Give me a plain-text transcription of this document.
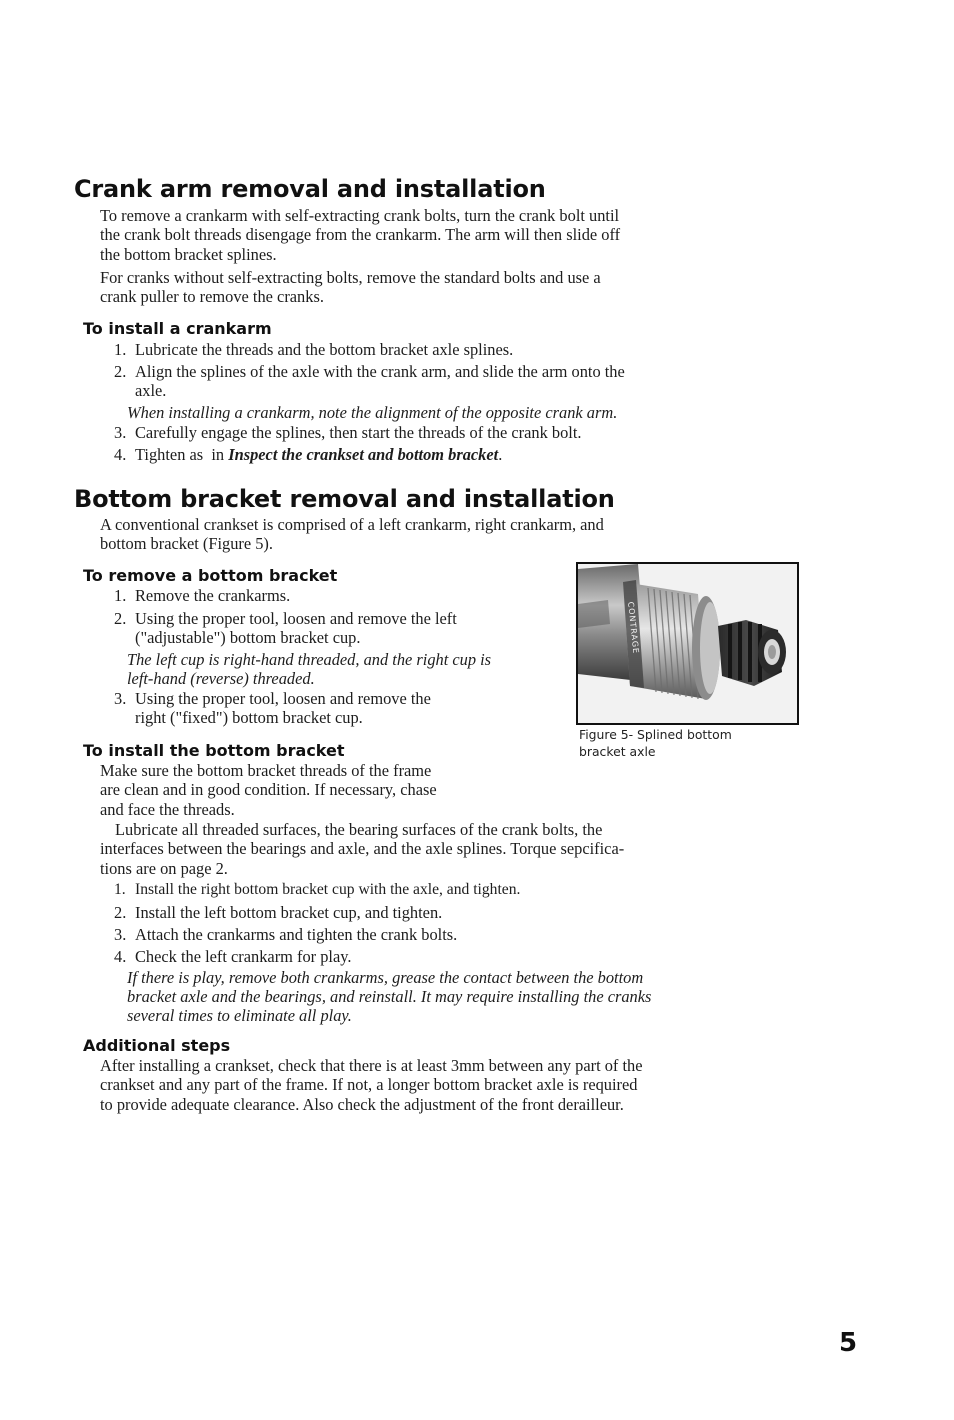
Crank arm removal and installation

To remove a crankarm with self-extracting crank bolts, turn the crank bolt until
the crank bolt threads disengage from the crankarm. The arm will then slide off
the bottom bracket splines.

For cranks without self-extracting bolts, remove the standard bolts and use a
crank puller to remove the cranks.

To install a crankarm

1. Lubricate the threads and the bottom bracket axle splines.

2. Align the splines of the axle with the crank arm, and slide the arm onto the
axle.

When installing a crankarm, note the alignment of the opposite crank arm.

3. Carefully engage the splines, then start the threads of the crank bolt.

4. Tighten as  in Inspect the crankset and bottom bracket.

Bottom bracket removal and installation

A conventional crankset is comprised of a left crankarm, right crankarm, and
bottom bracket (Figure 5).

To remove a bottom bracket

1. Remove the crankarms.

2. Using the proper tool, loosen and remove the left
("adjustable") bottom bracket cup.

The left cup is right-hand threaded, and the right cup is
left-hand (reverse) threaded.

3. Using the proper tool, loosen and remove the
right ("fixed") bottom bracket cup.

CONTRAGE

Figure 5- Splined bottom
bracket axle

To install the bottom bracket

Make sure the bottom bracket threads of the frame
are clean and in good condition. If necessary, chase
and face the threads.

Lubricate all threaded surfaces, the bearing surfaces of the crank bolts, the
interfaces between the bearings and axle, and the axle splines. Torque sepcifica-
tions are on page 2.

1. Install the right bottom bracket cup with the axle, and tighten.

2. Install the left bottom bracket cup, and tighten.

3. Attach the crankarms and tighten the crank bolts.

4. Check the left crankarm for play.

If there is play, remove both crankarms, grease the contact between the bottom
bracket axle and the bearings, and reinstall. It may require installing the cranks
several times to eliminate all play.

Additional steps

After installing a crankset, check that there is at least 3mm between any part of the
crankset and any part of the frame. If not, a longer bottom bracket axle is required
to provide adequate clearance. Also check the adjustment of the front derailleur.

5
